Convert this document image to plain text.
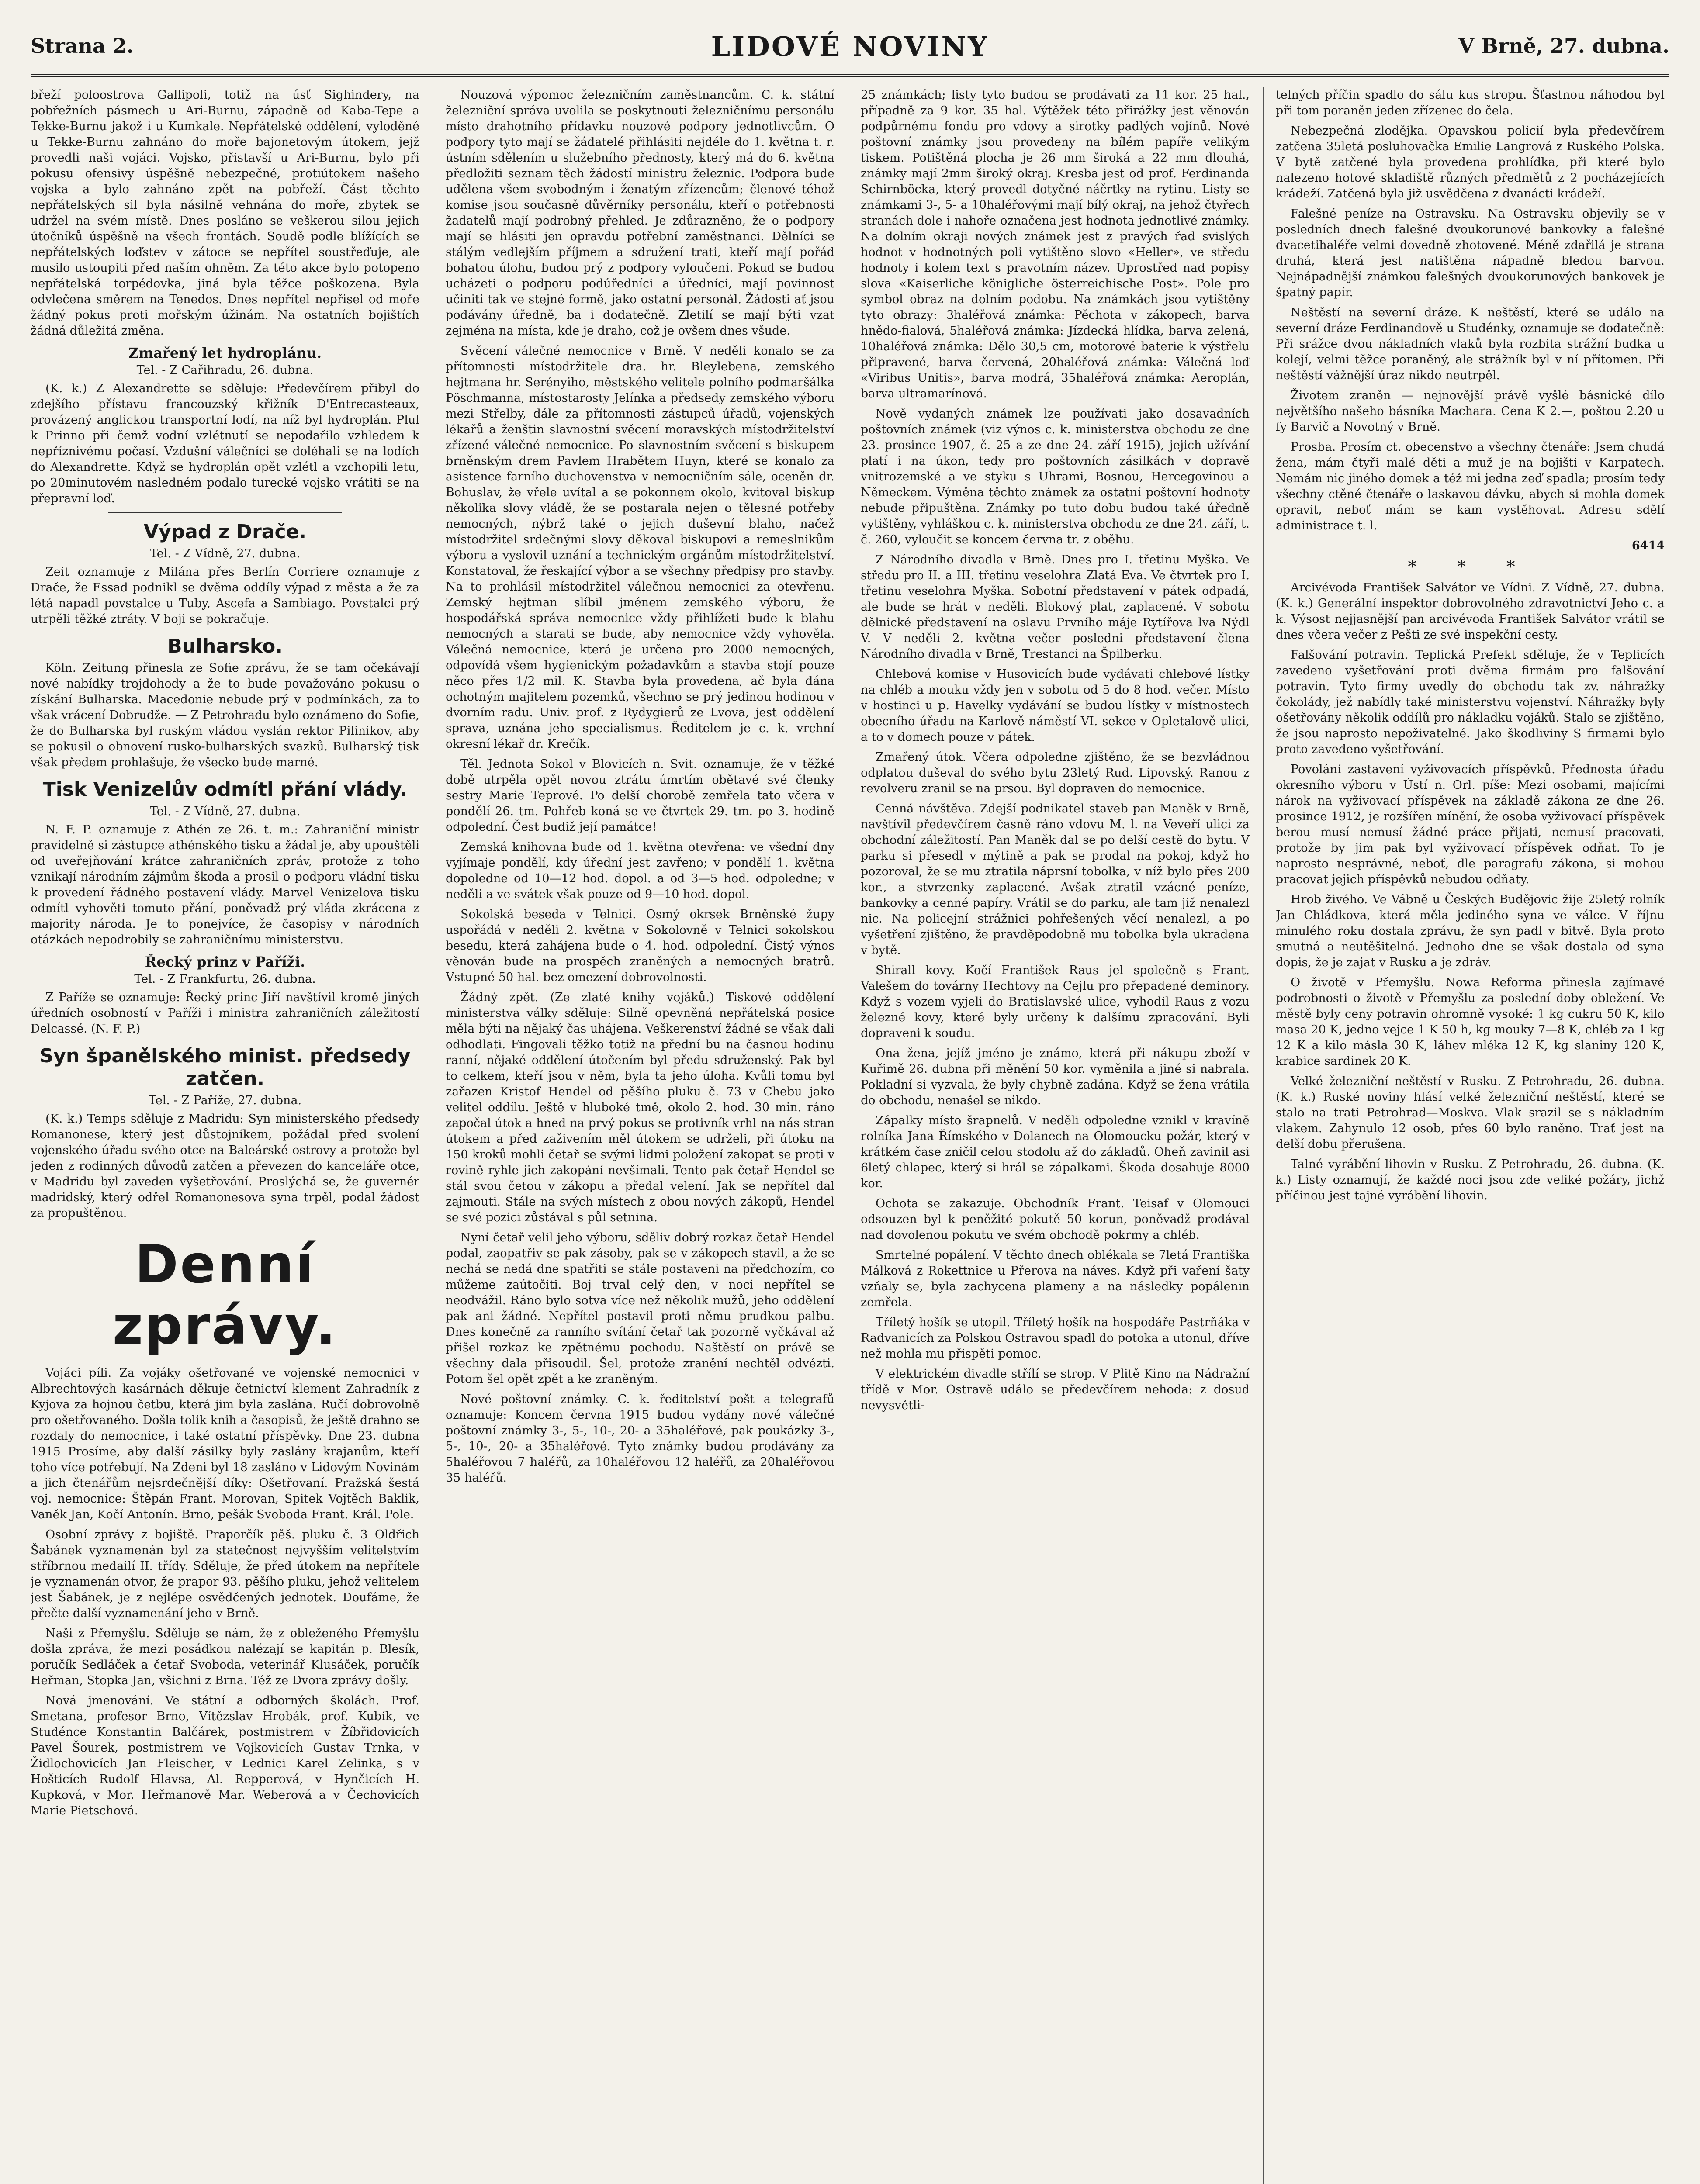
Strana 2.	LIDOVÉ NOVINY	V Brně, 27. dubna.

břeží poloostrova Gallipoli, totiž na úsť Sighindery, na pobřežních pásmech u Ari-Burnu, západně od Kaba-Tepe a Tekke-Burnu jakož i u Kumkale. Nepřátelské oddělení, vyloděné u Tekke-Burnu zahnáno do moře bajonetovým útokem, jejž provedli naši vojáci. Vojsko, přistavší u Ari-Burnu, bylo při pokusu ofensivy úspěšně nebezpečné, protiútokem našeho vojska a bylo zahnáno zpět na pobřeží. Část těchto nepřátelských sil byla násilně vehnána do moře, zbytek se udržel na svém místě. Dnes posláno se veškerou silou jejich útočníků úspěšně na všech frontách. Soudě podle blížících se nepřátelských loďstev v zátoce se nepřítel soustřeďuje, ale musilo ustoupiti před naším ohněm. Za této akce bylo potopeno nepřátelská torpédovka, jiná byla těžce poškozena. Byla odvlečena směrem na Tenedos. Dnes nepřítel nepřisel od moře žádný pokus proti mořským úžinám. Na ostatních bojištích žádná důležitá změna.

Zmařený let hydroplánu.
Tel. - Z Cařihradu, 26. dubna.

(K. k.) Z Alexandrette se sděluje: Předevčírem přibyl do zdejšího přístavu francouzský křižník D'Entrecasteaux, provázený anglickou transportní lodí, na níž byl hydroplán. Plul k Prinno při čemž vodní vzlétnutí se nepodařilo vzhledem k nepříznivému počasí. Vzdušní válečníci se doléhali se na lodích do Alexandrette. Když se hydroplán opět vzlétl a vzchopili letu, po 20minutovém nasledném podalo turecké vojsko vrátiti se na přepravní loď.

Výpad z Drače.
Tel. - Z Vídně, 27. dubna.

Zeit oznamuje z Milána přes Berlín Corriere oznamuje z Drače, že Essad podnikl se dvěma oddíly výpad z města a že za létá napadl povstalce u Tuby, Ascefa a Sambiago. Povstalci prý utrpěli těžké ztráty. V boji se pokračuje.

Bulharsko.

Köln. Zeitung přinesla ze Sofie zprávu, že se tam očekávají nové nabídky trojdohody a že to bude považováno pokusu o získání Bulharska. Macedonie nebude prý v podmínkách, za to však vrácení Dobrudže. — Z Petrohradu bylo oznámeno do Sofie, že do Bulharska byl ruským vládou vyslán rektor Pilinikov, aby se pokusil o obnovení rusko-bulharských svazků. Bulharský tisk však předem prohlašuje, že všecko bude marné.

Tisk Venizelův odmítl přání vlády.
Tel. - Z Vídně, 27. dubna.

N. F. P. oznamuje z Athén ze 26. t. m.: Zahraniční ministr pravidelně si zástupce athénského tisku a žádal je, aby upouštěli od uveřejňování krátce zahraničních zpráv, protože z toho vznikají národním zájmům škoda a prosil o podporu vládní tisku k provedení řádného postavení vlády. Marvel Venizelova tisku odmítl vyhověti tomuto přání, poněvadž prý vláda zkrácena z majority národa. Je to ponejvíce, že časopisy v národních otázkách nepodrobily se zahraničnímu ministerstvu.

Řecký prinz v Paříži.
Tel. - Z Frankfurtu, 26. dubna.

Z Paříže se oznamuje: Řecký princ Jiří navštívil kromě jiných úředních osobností v Paříži i ministra zahraničních záležitostí Delcassé. (N. F. P.)

Syn španělského minist. předsedy zatčen.
Tel. - Z Paříže, 27. dubna.

(K. k.) Temps sděluje z Madridu: Syn ministerského předsedy Romanonese, který jest důstojníkem, požádal před svolení vojenského úřadu svého otce na Baleárské ostrovy a protože byl jeden z rodinných důvodů zatčen a převezen do kanceláře otce, v Madridu byl zaveden vyšetřování. Proslýchá se, že guvernér madridský, který odřel Romanonesova syna trpěl, podal žádost za propuštěnou.

Denní zprávy.

Vojáci píli. Za vojáky ošetřované ve vojenské nemocnici v Albrechtových kasárnách děkuje četnictví klement Zahradník z Kyjova za hojnou četbu, která jim byla zaslána. Ručí dobrovolně pro ošetřovaného. Došla tolik knih a časopisů, že ještě drahno se rozdaly do nemocnice, i také ostatní příspěvky. Dne 23. dubna 1915 Prosíme, aby další zásilky byly zaslány krajanům, kteří toho více potřebují. Na Zdeni byl 18 zasláno v Lidovým Novinám a jich čtenářům nejsrdečnější díky: Ošetřovaní. Pražská šestá voj. nemocnice: Štěpán Frant. Morovan, Spitek Vojtěch Baklik, Vaněk Jan, Kočí Antonín. Brno, pešák Svoboda Frant. Král. Pole.

Osobní zprávy z bojiště. Praporčík pěš. pluku č. 3 Oldřich Šabánek vyznamenán byl za statečnost nejvyšším velitelstvím stříbrnou medailí II. třídy. Sděluje, že před útokem na nepřítele je vyznamenán otvor, že prapor 93. pěšího pluku, jehož velitelem jest Šabánek, je z nejlépe osvědčených jednotek. Doufáme, že přečte další vyznamenání jeho v Brně.

Naši z Přemyšlu. Sděluje se nám, že z obleženého Přemyšlu došla zpráva, že mezi posádkou nalézají se kapitán p. Blesík, poručík Sedláček a četař Svoboda, veterinář Klusáček, poručík Heřman, Stopka Jan, všichni z Brna. Též ze Dvora zprávy došly.

Nová jmenování. Ve státní a odborných školách. Prof. Smetana, profesor Brno, Vítězslav Hrobák, prof. Kubík, ve Studénce Konstantin Balčárek, postmistrem v Žíbřidovicích Pavel Šourek, postmistrem ve Vojkovicích Gustav Trnka, v Židlochovicích Jan Fleischer, v Lednici Karel Zelinka, s v Hošticích Rudolf Hlavsa, Al. Repperová, v Hynčicích H. Kupková, v Mor. Heřmanově Mar. Weberová a v Čechovicích Marie Pietschová.

Nouzová výpomoc železničním zaměstnancům. C. k. státní železniční správa uvolila se poskytnouti železničnímu personálu místo drahotního přídavku nouzové podpory jednotlivcům. O podpory tyto mají se žádatelé přihlásiti nejdéle do 1. května t. r. ústním sdělením u služebního přednosty, který má do 6. května předložiti seznam těch žádostí ministru železnic. Podpora bude udělena všem svobodným i ženatým zřízencům; členové téhož komise jsou současně důvěrníky personálu, kteří o potřebnosti žadatelů mají podrobný přehled. Je zdůrazněno, že o podpory mají se hlásiti jen opravdu potřební zaměstnanci. Dělníci se stálým vedlejším příjmem a sdružení trati, kteří mají pořád bohatou úlohu, budou prý z podpory vyloučeni. Pokud se budou ucházeti o podporu podúředníci a úředníci, mají povinnost učiniti tak ve stejné formě, jako ostatní personál. Žádosti ať jsou podávány úředně, ba i dodatečně. Zletilí se mají býti vzat zejména na místa, kde je draho, což je ovšem dnes všude.

Svěcení válečné nemocnice v Brně. V neděli konalo se za přítomnosti místodržitele dra. hr. Bleylebena, zemského hejtmana hr. Serényiho, městského velitele polního podmaršálka Pöschmanna, místostarosty Jelínka a předsedy zemského výboru mezi Střelby, dále za přítomnosti zástupců úřadů, vojenských lékařů a ženštin slavnostní svěcení moravských místodržitelství zřízené válečné nemocnice. Po slavnostním svěcení s biskupem brněnským drem Pavlem Hrabětem Huyn, které se konalo za asistence farního duchovenstva v nemocničním sále, oceněn dr. Bohuslav, že vřele uvítal a se pokonnem okolo, kvitoval biskup několika slovy vládě, že se postarala nejen o tělesné potřeby nemocných, nýbrž také o jejich duševní blaho, načež místodržitel srdečnými slovy děkoval biskupovi a remeslnikům výboru a vyslovil uznání a technickým orgánům místodržitelství. Konstatoval, že řeskající výbor a se všechny předpisy pro stavby. Na to prohlásil místodržitel válečnou nemocnici za otevřenu. Zemský hejtman slíbil jménem zemského výboru, že hospodářská správa nemocnice vždy přihlížeti bude k blahu nemocných a starati se bude, aby nemocnice vždy vyhověla. Válečná nemocnice, která je určena pro 2000 nemocných, odpovídá všem hygienickým požadavkům a stavba stojí pouze něco přes 1/2 mil. K. Stavba byla provedena, ač byla dána ochotným majitelem pozemků, všechno se prý jedinou hodinou v dvorním radu. Univ. prof. z Rydygierů ze Lvova, jest oddělení sprava, uznána jeho specialismus. Ředitelem je c. k. vrchní okresní lékař dr. Krečík.

Těl. Jednota Sokol v Blovicích n. Svit. oznamuje, že v těžké době utrpěla opět novou ztrátu úmrtím obětavé své členky sestry Marie Teprové. Po delší chorobě zemřela tato včera v pondělí 26. tm. Pohřeb koná se ve čtvrtek 29. tm. po 3. hodině odpolední. Čest budiž její památce!

Zemská knihovna bude od 1. května otevřena: ve všední dny vyjímaje pondělí, kdy úřední jest zavřeno; v pondělí 1. května dopoledne od 10—12 hod. dopol. a od 3—5 hod. odpoledne; v neděli a ve svátek však pouze od 9—10 hod. dopol.

Sokolská beseda v Telnici. Osmý okrsek Brněnské župy uspořádá v neděli 2. května v Sokolovně v Telnici sokolskou besedu, která zahájena bude o 4. hod. odpolední. Čistý výnos věnován bude na prospěch zraněných a nemocných bratrů. Vstupné 50 hal. bez omezení dobrovolnosti.

Žádný zpět. (Ze zlaté knihy vojáků.) Tiskové oddělení ministerstva války sděluje: Silně opevněná nepřátelská posice měla býti na nějaký čas uhájena. Veškerenství žádné se však dali odhodlati. Fingovali těžko totiž na přední bu na časnou hodinu ranní, nějaké oddělení útočením byl předu sdruženský. Pak byl to celkem, kteří jsou v něm, byla ta jeho úloha. Kvůli tomu byl zařazen Kristof Hendel od pěšího pluku č. 73 v Chebu jako velitel oddílu. Ještě v hluboké tmě, okolo 2. hod. 30 min. ráno započal útok a hned na prvý pokus se protivník vrhl na nás stran útokem a před zaživením měl útokem se udrželi, při útoku na 150 kroků mohli četař se svými lidmi položení zakopat se proti v rovině ryhle jich zakopání nevšímali. Tento pak četař Hendel se stál svou četou v zákopu a předal velení. Jak se nepřítel dal zajmouti. Stále na svých místech z obou nových zákopů, Hendel se své pozici zůstával s půl setnina.

Nyní četař velil jeho výboru, sděliv dobrý rozkaz četař Hendel podal, zaopatřiv se pak zásoby, pak se v zákopech stavil, a že se nechá se nedá dne spatřiti se stále postaveni na předchozím, co můžeme zaútočiti. Boj trval celý den, v noci nepřítel se neodvážil. Ráno bylo sotva více než několik mužů, jeho oddělení pak ani žádné. Nepřítel postavil proti němu prudkou palbu. Dnes konečně za ranního svítání četař tak pozorně vyčkával až přišel rozkaz ke zpětnému pochodu. Naštěstí on právě se všechny dala přisoudil. Šel, protože zranění nechtěl odvézti. Potom šel opět zpět a ke zraněným.

Nové poštovní známky. C. k. ředitelství pošt a telegrafů oznamuje: Koncem června 1915 budou vydány nové válečné poštovní známky 3-, 5-, 10-, 20- a 35haléřové, pak poukázky 3-, 5-, 10-, 20- a 35haléřové. Tyto známky budou prodávány za 5haléřovou 7 haléřů, za 10haléřovou 12 haléřů, za 20haléřovou 35 haléřů.

25 známkách; listy tyto budou se prodávati za 11 kor. 25 hal., případně za 9 kor. 35 hal. Výtěžek této přirážky jest věnován podpůrnému fondu pro vdovy a sirotky padlých vojínů. Nové poštovní známky jsou provedeny na bílém papíře velikým tiskem. Potištěná plocha je 26 mm široká a 22 mm dlouhá, známky mají 2mm široký okraj. Kresba jest od prof. Ferdinanda Schirnböcka, který provedl dotyčné náčrtky na rytinu. Listy se známkami 3-, 5- a 10haléřovými mají bílý okraj, na jehož čtyřech stranách dole i nahoře označena jest hodnota jednotlivé známky. Na dolním okraji nových známek jest z pravých řad svislých hodnot v hodnotných poli vytištěno slovo «Heller», ve středu hodnoty i kolem text s pravotním název. Uprostřed nad popisy slova «Kaiserliche königliche österreichische Post». Pole pro symbol obraz na dolním podobu. Na známkách jsou vytištěny tyto obrazy: 3haléřová známka: Pěchota v zákopech, barva hnědo-fialová, 5haléřová známka: Jízdecká hlídka, barva zelená, 10haléřová známka: Dělo 30,5 cm, motorové baterie k výstřelu připravené, barva červená, 20haléřová známka: Válečná loď «Viribus Unitis», barva modrá, 35haléřová známka: Aeroplán, barva ultramarínová.

Nově vydaných známek lze používati jako dosavadních poštovních známek (viz výnos c. k. ministerstva obchodu ze dne 23. prosince 1907, č. 25 a ze dne 24. září 1915), jejich užívání platí i na úkon, tedy pro poštovních zásilkách v dopravě vnitrozemské a ve styku s Uhrami, Bosnou, Hercegovinou a Německem. Výměna těchto známek za ostatní poštovní hodnoty nebude připuštěna. Známky po tuto dobu budou také úředně vytištěny, vyhláškou c. k. ministerstva obchodu ze dne 24. září, t. č. 260, vyloučit se koncem června tr. z oběhu.

Z Národního divadla v Brně. Dnes pro I. třetinu Myška. Ve středu pro II. a III. třetinu veselohra Zlatá Eva. Ve čtvrtek pro I. třetinu veselohra Myška. Sobotní představení v pátek odpadá, ale bude se hrát v neděli. Blokový plat, zaplacené. V sobotu dělnické představení na oslavu Prvního máje Rytířova lva Nýdl V. V neděli 2. května večer posledni představení člena Národního divadla v Brně, Trestanci na Špilberku.

Chlebová komise v Husovicích bude vydávati chlebové lístky na chléb a mouku vždy jen v sobotu od 5 do 8 hod. večer. Místo v hostinci u p. Havelky vydávání se budou lístky v místnostech obecního úřadu na Karlově náměstí VI. sekce v Opletalově ulici, a to v domech pouze v pátek.

Zmařený útok. Včera odpoledne zjištěno, že se bezvládnou odplatou duševal do svého bytu 23letý Rud. Lipovský. Ranou z revolveru zranil se na prsou. Byl dopraven do nemocnice.

Cenná návštěva. Zdejší podnikatel staveb pan Maněk v Brně, navštívil předevčírem časně ráno vdovu M. l. na Veveří ulici za obchodní záležitostí. Pan Maněk dal se po delší cestě do bytu. V parku si přesedl v mýtině a pak se prodal na pokoj, když ho pozoroval, že se mu ztratila náprsní tobolka, v níž bylo přes 200 kor., a stvrzenky zaplacené. Avšak ztratil vzácné peníze, bankovky a cenné papíry. Vrátil se do parku, ale tam již nenalezl nic. Na policejní strážnici pohřešených věcí nenalezl, a po vyšetření zjištěno, že pravděpodobně mu tobolka byla ukradena v bytě.

Shirall kovy. Kočí František Raus jel společně s Frant. Valešem do továrny Hechtovy na Cejlu pro přepadené deminory. Když s vozem vyjeli do Bratislavské ulice, vyhodil Raus z vozu železné kovy, které byly určeny k dalšímu zpracování. Byli dopraveni k soudu.

Ona žena, jejíž jméno je známo, která při nákupu zboží v Kuřimě 26. dubna při měnění 50 kor. vyměnila a jiné si nabrala. Pokladní si vyzvala, že byly chybně zadána. Když se žena vrátila do obchodu, nenašel se nikdo.

Zápalky místo šrapnelů. V neděli odpoledne vznikl v kravíně rolníka Jana Římského v Dolanech na Olomoucku požár, který v krátkém čase zničil celou stodolu až do základů. Oheň zavinil asi 6letý chlapec, který si hrál se zápalkami. Škoda dosahuje 8000 kor.

Ochota se zakazuje. Obchodník Frant. Teisaf v Olomouci odsouzen byl k peněžité pokutě 50 korun, poněvadž prodával nad dovolenou pokutu ve svém obchodě pokrmy a chléb.

Smrtelné popálení. V těchto dnech oblékala se 7letá Františka Málková z Rokettnice u Přerova na náves. Když při vaření šaty vzňaly se, byla zachycena plameny a na následky popálenin zemřela.

Tříletý hošík se utopil. Tříletý hošík na hospodáře Pastrňáka v Radvanicích za Polskou Ostravou spadl do potoka a utonul, dříve než mohla mu přispěti pomoc.

V elektrickém divadle střílí se strop. V Plitě Kino na Nádražní třídě v Mor. Ostravě událo se předevčírem nehoda: z dosud nevysvětli-

telných příčin spadlo do sálu kus stropu. Šťastnou náhodou byl při tom poraněn jeden zřízenec do čela.

Nebezpečná zlodějka. Opavskou policií byla předevčírem zatčena 35letá posluhovačka Emilie Langrová z Ruského Polska. V bytě zatčené byla provedena prohlídka, při které bylo nalezeno hotové skladiště různých předmětů z 2 pocházejících krádeží. Zatčená byla již usvědčena z dvanácti krádeží.

Falešné peníze na Ostravsku. Na Ostravsku objevily se v posledních dnech falešné dvoukorunové bankovky a falešné dvacetihaléře velmi dovedně zhotovené. Méně zdařilá je strana druhá, která jest natištěna nápadně bledou barvou. Nejnápadnější známkou falešných dvoukorunových bankovek je špatný papír.

Neštěstí na severní dráze. K neštěstí, které se událo na severní dráze Ferdinandově u Studénky, oznamuje se dodatečně: Při srážce dvou nákladních vlaků byla rozbita strážní budka u kolejí, velmi těžce poraněný, ale strážník byl v ní přítomen. Při neštěstí vážnější úraz nikdo neutrpěl.

Životem zraněn — nejnovější právě vyšlé básnické dílo největšího našeho básníka Machara. Cena K 2.—, poštou 2.20 u fy Barvič a Novotný v Brně.

Prosba. Prosím ct. obecenstvo a všechny čtenáře: Jsem chudá žena, mám čtyři malé děti a muž je na bojišti v Karpatech. Nemám nic jiného domek a též mi jedna zeď spadla; prosím tedy všechny ctěné čtenáře o laskavou dávku, abych si mohla domek opravit, neboť mám se kam vystěhovat. Adresu sdělí administrace t. l.

6414
* * *

Arcivévoda František Salvátor ve Vídni. Z Vídně, 27. dubna. (K. k.) Generální inspektor dobrovolného zdravotnictví Jeho c. a k. Výsost nejjasnější pan arcivévoda František Salvátor vrátil se dnes včera večer z Pešti ze své inspekční cesty.

Falšování potravin. Teplická Prefekt sděluje, že v Teplicích zavedeno vyšetřování proti dvěma firmám pro falšování potravin. Tyto firmy uvedly do obchodu tak zv. náhražky čokolády, jež nabídly také ministerstvu vojenství. Náhražky byly ošetřovány několik oddílů pro nákladku vojáků. Stalo se zjištěno, že jsou naprosto nepoživatelné. Jako škodliviny S firmami bylo proto zavedeno vyšetřování.

Povolání zastavení vyživovacích příspěvků. Přednosta úřadu okresního výboru v Ústí n. Orl. píše: Mezi osobami, majícími nárok na vyživovací příspěvek na základě zákona ze dne 26. prosince 1912, je rozšířen mínění, že osoba vyživovací příspěvek berou musí nemusí žádné práce přijati, nemusí pracovati, protože by jim pak byl vyživovací příspěvek odňat. To je naprosto nesprávné, neboť, dle paragrafu zákona, si mohou pracovat jejich příspěvků nebudou odňaty.

Hrob živého. Ve Vábně u Českých Budějovic žije 25letý rolník Jan Chládkova, která měla jediného syna ve válce. V říjnu minulého roku dostala zprávu, že syn padl v bitvě. Byla proto smutná a neutěšitelná. Jednoho dne se však dostala od syna dopis, že je zajat v Rusku a je zdráv.

O životě v Přemyšlu. Nowa Reforma přinesla zajímavé podrobnosti o životě v Přemyšlu za poslední doby obležení. Ve městě byly ceny potravin ohromně vysoké: 1 kg cukru 50 K, kilo masa 20 K, jedno vejce 1 K 50 h, kg mouky 7—8 K, chléb za 1 kg 12 K a kilo másla 30 K, láhev mléka 12 K, kg slaniny 120 K, krabice sardinek 20 K.

Velké železniční neštěstí v Rusku. Z Petrohradu, 26. dubna. (K. k.) Ruské noviny hlásí velké železniční neštěstí, které se stalo na trati Petrohrad—Moskva. Vlak srazil se s nákladním vlakem. Zahynulo 12 osob, přes 60 bylo raněno. Trať jest na delší dobu přerušena.

Talné vyrábění lihovin v Rusku. Z Petrohradu, 26. dubna. (K. k.) Listy oznamují, že každé noci jsou zde veliké požáry, jichž příčinou jest tajné vyrábění lihovin.
